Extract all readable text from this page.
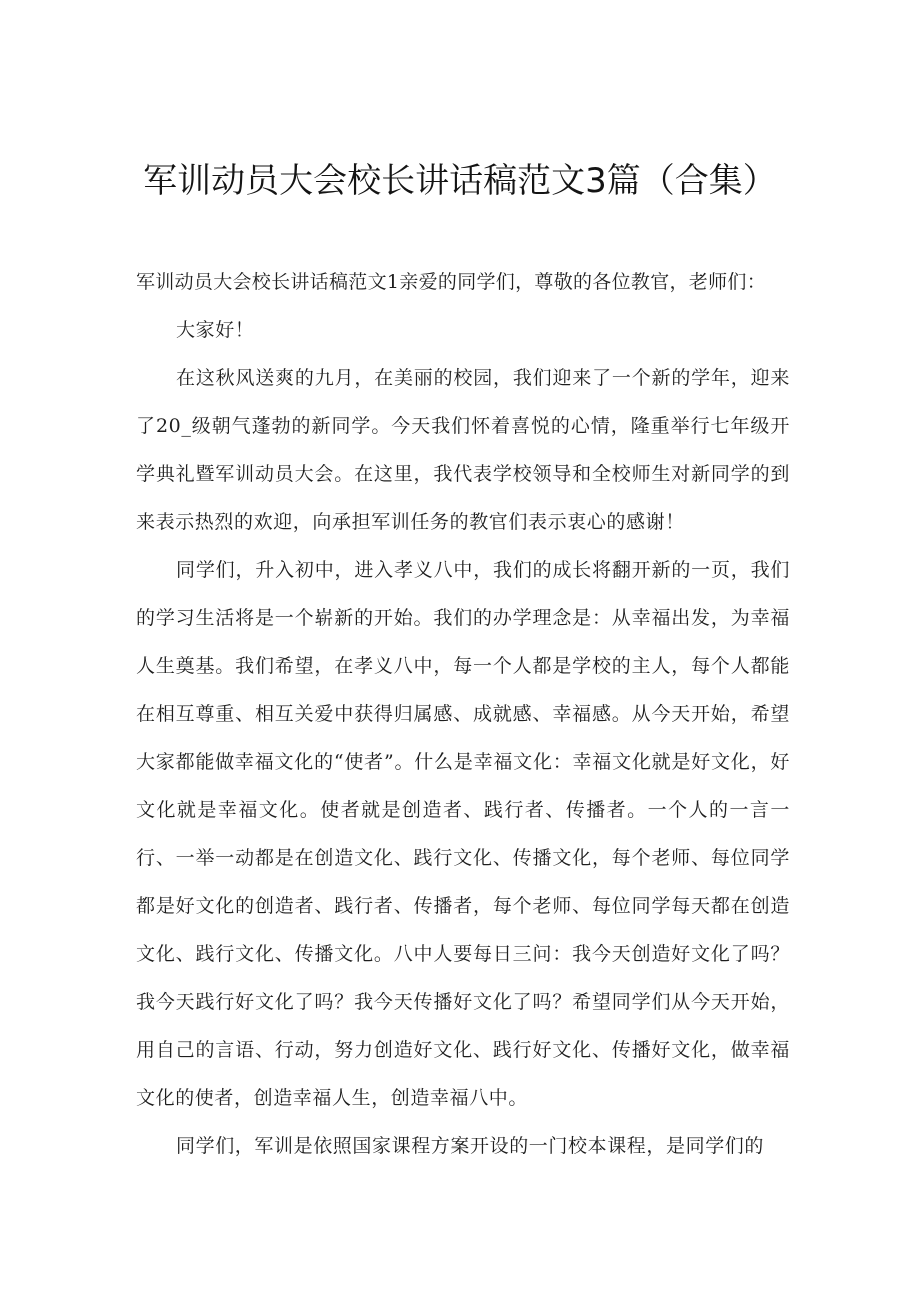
军训动员大会校长讲话稿范文3篇（合集）

军训动员大会校长讲话稿范文1亲爱的同学们，尊敬的各位教官，老师们：

大家好！

在这秋风送爽的九月，在美丽的校园，我们迎来了一个新的学年，迎来了20_级朝气蓬勃的新同学。今天我们怀着喜悦的心情，隆重举行七年级开学典礼暨军训动员大会。在这里，我代表学校领导和全校师生对新同学的到来表示热烈的欢迎，向承担军训任务的教官们表示衷心的感谢！

同学们，升入初中，进入孝义八中，我们的成长将翻开新的一页，我们的学习生活将是一个崭新的开始。我们的办学理念是：从幸福出发，为幸福人生奠基。我们希望，在孝义八中，每一个人都是学校的主人，每个人都能在相互尊重、相互关爱中获得归属感、成就感、幸福感。从今天开始，希望大家都能做幸福文化的“使者”。什么是幸福文化：幸福文化就是好文化，好文化就是幸福文化。使者就是创造者、践行者、传播者。一个人的一言一行、一举一动都是在创造文化、践行文化、传播文化，每个老师、每位同学都是好文化的创造者、践行者、传播者，每个老师、每位同学每天都在创造文化、践行文化、传播文化。八中人要每日三问：我今天创造好文化了吗？我今天践行好文化了吗？我今天传播好文化了吗？希望同学们从今天开始，用自己的言语、行动，努力创造好文化、践行好文化、传播好文化，做幸福文化的使者，创造幸福人生，创造幸福八中。

同学们，军训是依照国家课程方案开设的一门校本课程，是同学们的
